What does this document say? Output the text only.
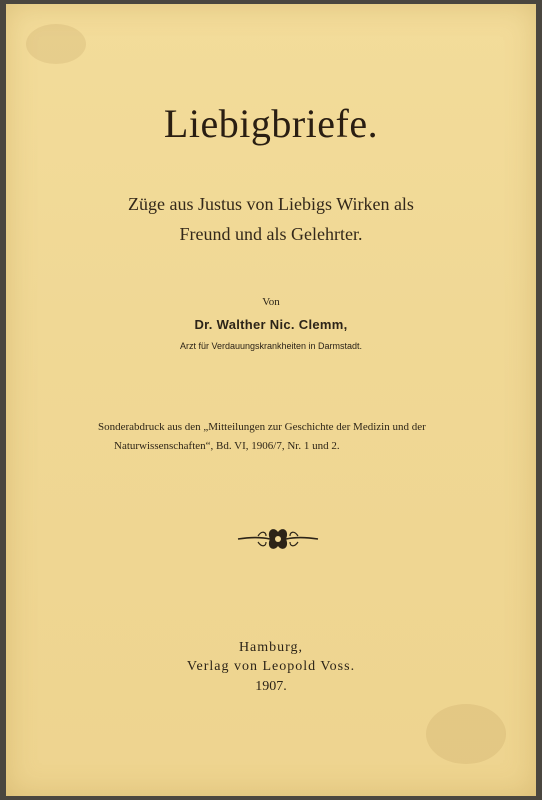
Liebigbriefe.
Züge aus Justus von Liebigs Wirken als
Freund und als Gelehrter.
Von
Dr. Walther Nic. Clemm,
Arzt für Verdauungskrankheiten in Darmstadt.
Sonderabdruck aus den „Mitteilungen zur Geschichte der Medizin und der
Naturwissenschaften“, Bd. VI, 1906/7, Nr. 1 und 2.
Hamburg,
Verlag von Leopold Voss.
1907.
